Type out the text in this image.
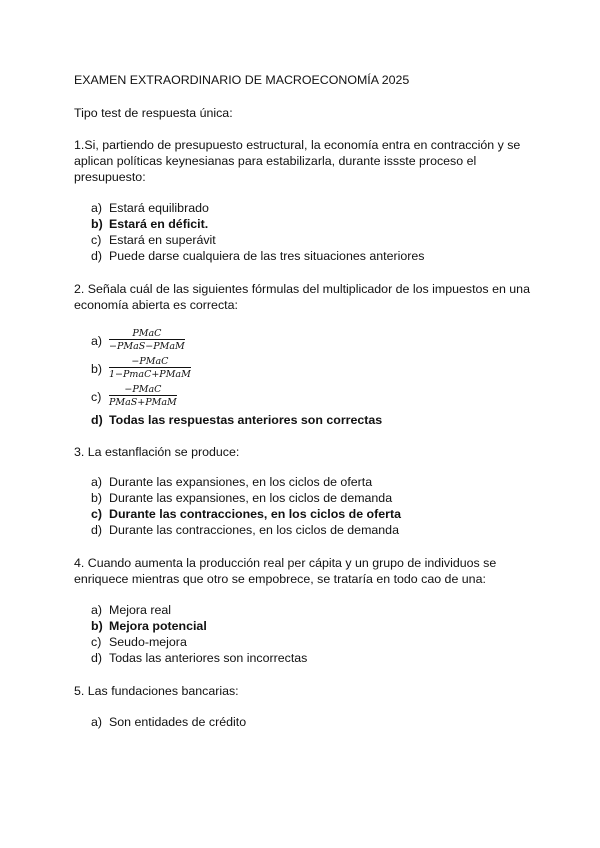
EXAMEN EXTRAORDINARIO DE MACROECONOMÍA 2025
Tipo test de respuesta única:
1.Si, partiendo de presupuesto estructural, la economía entra en contracción y se
aplican políticas keynesianas para estabilizarla, durante issste proceso el
presupuesto:
a) Estará equilibrado
b) Estará en déficit.
c) Estará en superávit
d) Puede darse cualquiera de las tres situaciones anteriores
2. Señala cuál de las siguientes fórmulas del multiplicador de los impuestos en una
economía abierta es correcta:
a)
PMaC
−PMaS−PMaM
b)
−PMaC
1−PmaC+PMaM
c)
−PMaC
PMaS+PMaM
d) Todas las respuestas anteriores son correctas
3. La estanflación se produce:
a) Durante las expansiones, en los ciclos de oferta
b) Durante las expansiones, en los ciclos de demanda
c) Durante las contracciones, en los ciclos de oferta
d) Durante las contracciones, en los ciclos de demanda
4. Cuando aumenta la producción real per cápita y un grupo de individuos se
enriquece mientras que otro se empobrece, se trataría en todo cao de una:
a) Mejora real
b) Mejora potencial
c) Seudo-mejora
d) Todas las anteriores son incorrectas
5. Las fundaciones bancarias:
a) Son entidades de crédito
